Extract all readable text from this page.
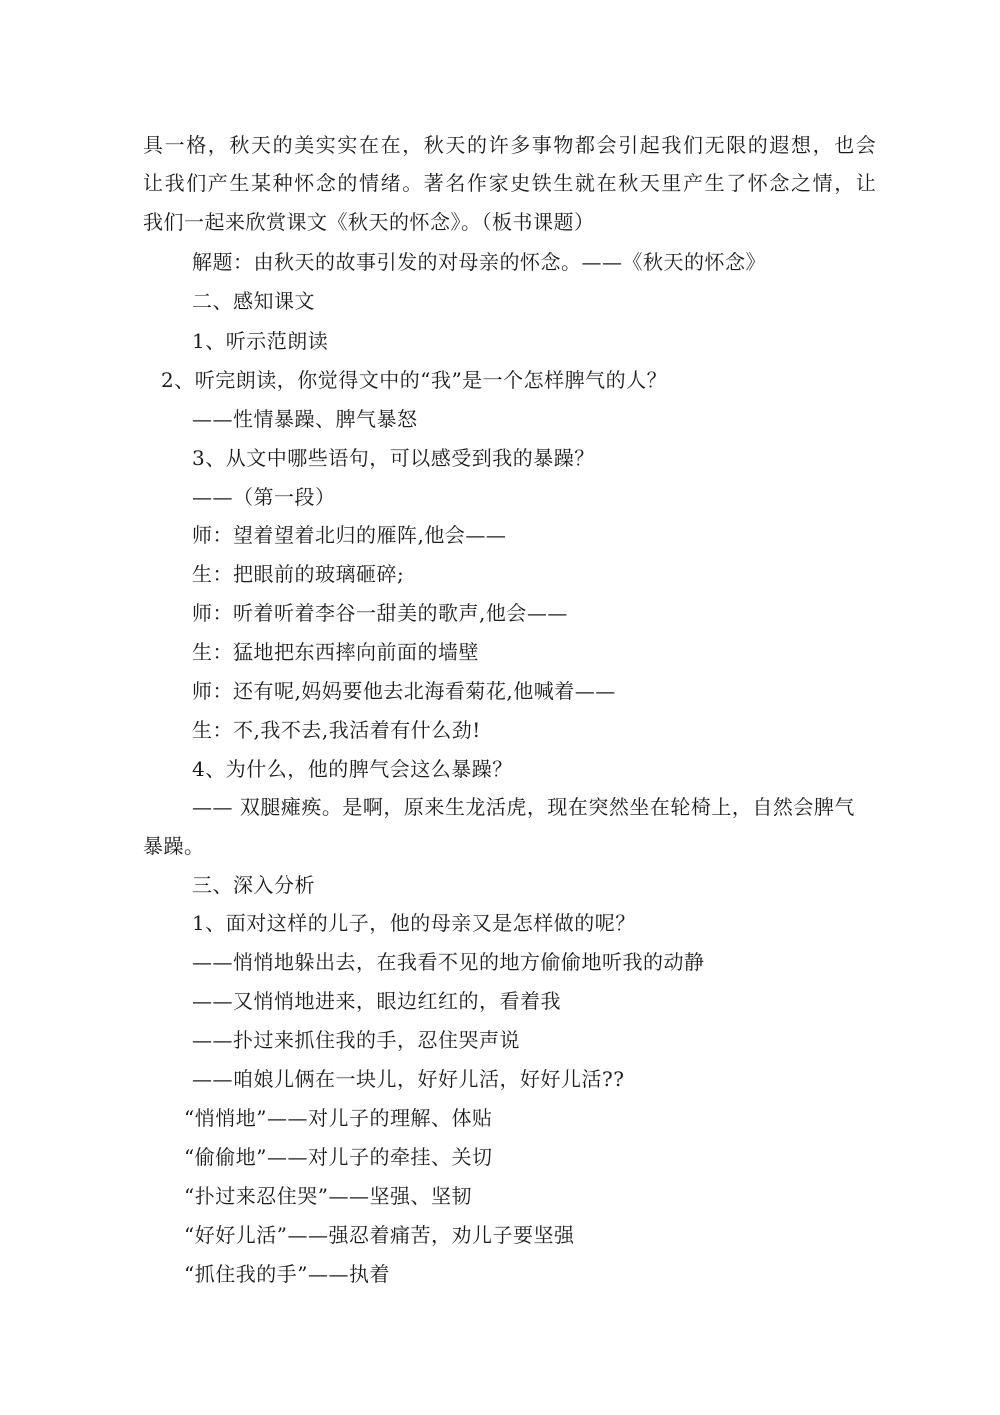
具一格，秋天的美实实在在，秋天的许多事物都会引起我们无限的遐想，也会
让我们产生某种怀念的情绪。著名作家史铁生就在秋天里产生了怀念之情，让
我们一起来欣赏课文《秋天的怀念》。（板书课题）
解题：由秋天的故事引发的对母亲的怀念。——《秋天的怀念》
二、感知课文
1、听示范朗读
2、听完朗读，你觉得文中的“我”是一个怎样脾气的人？
——性情暴躁、脾气暴怒
3、从文中哪些语句，可以感受到我的暴躁？
——（第一段）
师：望着望着北归的雁阵,他会——
生：把眼前的玻璃砸碎;
师：听着听着李谷一甜美的歌声,他会——
生：猛地把东西摔向前面的墙壁
师：还有呢,妈妈要他去北海看菊花,他喊着——
生：不,我不去,我活着有什么劲!
4、为什么，他的脾气会这么暴躁？
—— 双腿瘫痪。是啊，原来生龙活虎，现在突然坐在轮椅上，自然会脾气
暴躁。
三、深入分析
1、面对这样的儿子，他的母亲又是怎样做的呢？
——悄悄地躲出去，在我看不见的地方偷偷地听我的动静
——又悄悄地进来，眼边红红的，看着我
——扑过来抓住我的手，忍住哭声说
——咱娘儿俩在一块儿，好好儿活，好好儿活??
“悄悄地”——对儿子的理解、体贴
“偷偷地”——对儿子的牵挂、关切
“扑过来忍住哭”——坚强、坚韧
“好好儿活”——强忍着痛苦，劝儿子要坚强
“抓住我的手”——执着
